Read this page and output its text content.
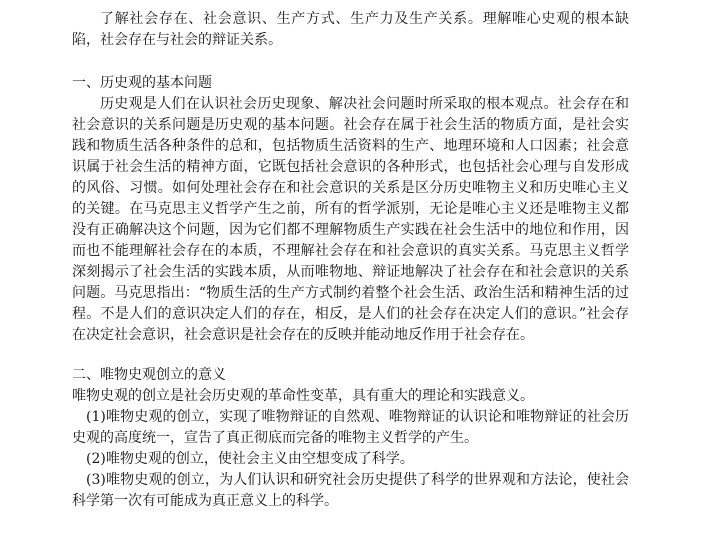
了解社会存在、社会意识、生产方式、生产力及生产关系。理解唯心史观的根本缺陷，社会存在与社会的辩证关系。

一、历史观的基本问题

历史观是人们在认识社会历史现象、解决社会问题时所采取的根本观点。社会存在和社会意识的关系问题是历史观的基本问题。社会存在属于社会生活的物质方面，是社会实践和物质生活各种条件的总和，包括物质生活资料的生产、地理环境和人口因素；社会意识属于社会生活的精神方面，它既包括社会意识的各种形式，也包括社会心理与自发形成的风俗、习惯。如何处理社会存在和社会意识的关系是区分历史唯物主义和历史唯心主义的关键。在马克思主义哲学产生之前，所有的哲学派别，无论是唯心主义还是唯物主义都没有正确解决这个问题，因为它们都不理解物质生产实践在社会生活中的地位和作用，因而也不能理解社会存在的本质，不理解社会存在和社会意识的真实关系。马克思主义哲学深刻揭示了社会生活的实践本质，从而唯物地、辩证地解决了社会存在和社会意识的关系问题。马克思指出：“物质生活的生产方式制约着整个社会生活、政治生活和精神生活的过程。不是人们的意识决定人们的存在，相反，是人们的社会存在决定人们的意识。”社会存在决定社会意识，社会意识是社会存在的反映并能动地反作用于社会存在。

二、唯物史观创立的意义

唯物史观的创立是社会历史观的革命性变革，具有重大的理论和实践意义。

(1)唯物史观的创立，实现了唯物辩证的自然观、唯物辩证的认识论和唯物辩证的社会历史观的高度统一，宣告了真正彻底而完备的唯物主义哲学的产生。

(2)唯物史观的创立，使社会主义由空想变成了科学。

(3)唯物史观的创立，为人们认识和研究社会历史提供了科学的世界观和方法论，使社会科学第一次有可能成为真正意义上的科学。
